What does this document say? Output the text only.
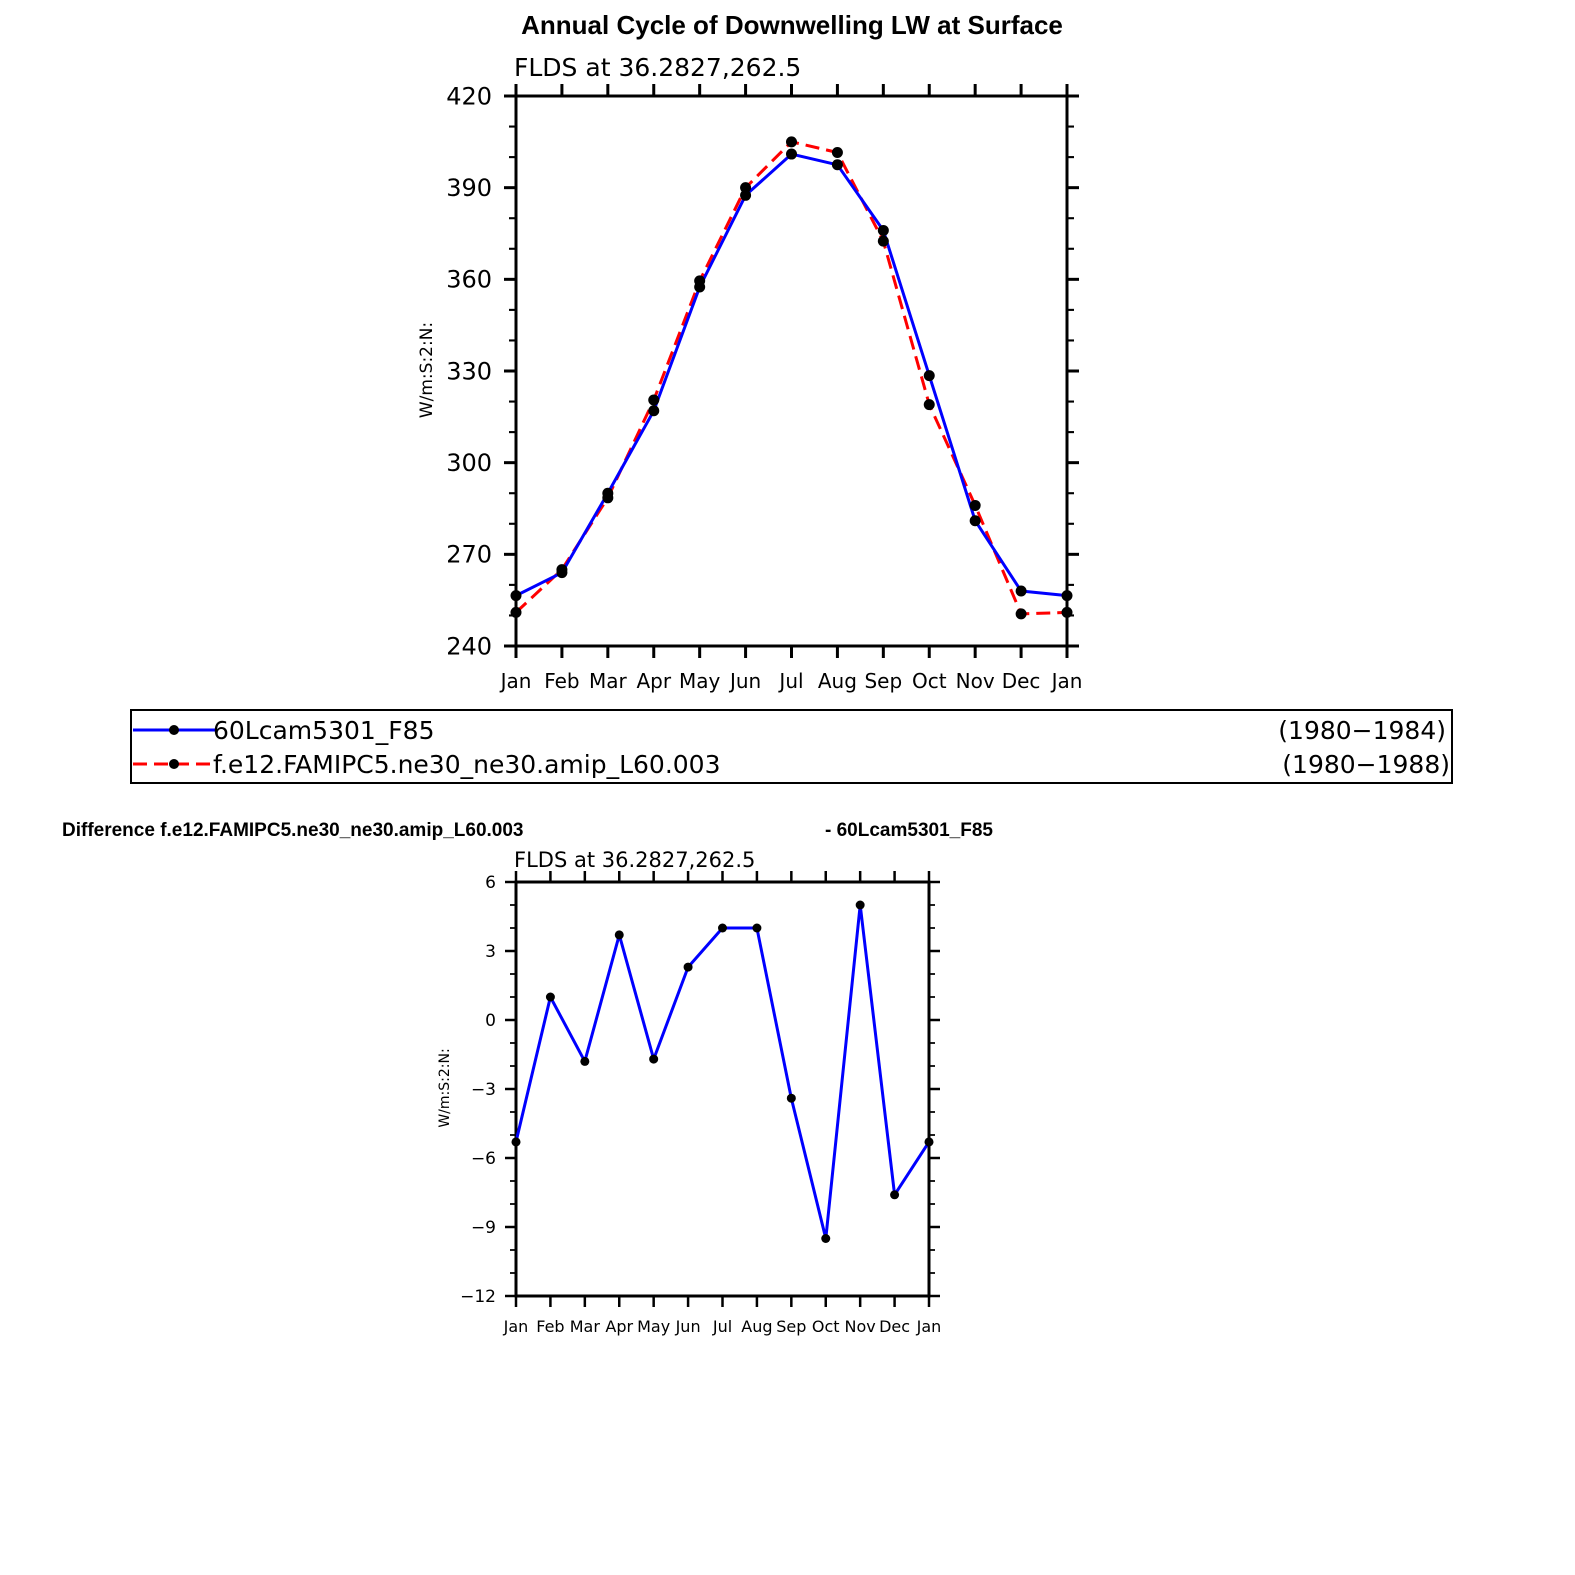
Annual Cycle of Downwelling LW at Surface
FLDS at 36.2827,262.5
W/m:S:2:N:
Jan Feb Mar Apr May Jun Jul Aug Sep Oct Nov Dec Jan
240
270
300
330
360
390
420
60Lcam5301_F85	(1980−1984)
f.e12.FAMIPC5.ne30_ne30.amip_L60.003	(1980−1988)
Difference f.e12.FAMIPC5.ne30_ne30.amip_L60.003	- 60Lcam5301_F85
FLDS at 36.2827,262.5
W/m:S:2:N:
Jan Feb Mar Apr May Jun Jul Aug Sep Oct Nov Dec Jan
−12
−9
−6
−3
0
3
6
